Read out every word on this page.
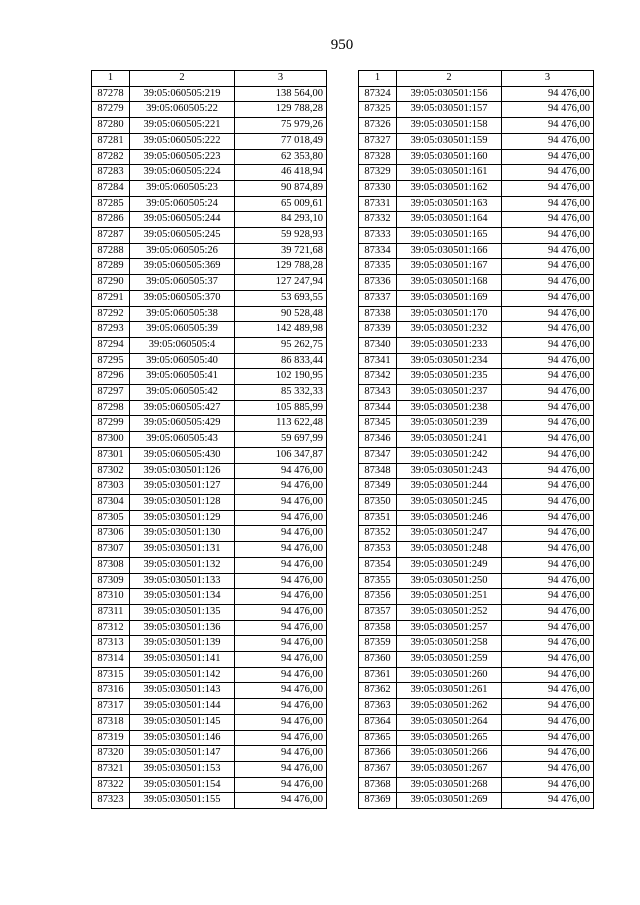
950
1	2	3
87278	39:05:060505:219	138 564,00
87279	39:05:060505:22	129 788,28
87280	39:05:060505:221	75 979,26
87281	39:05:060505:222	77 018,49
87282	39:05:060505:223	62 353,80
87283	39:05:060505:224	46 418,94
87284	39:05:060505:23	90 874,89
87285	39:05:060505:24	65 009,61
87286	39:05:060505:244	84 293,10
87287	39:05:060505:245	59 928,93
87288	39:05:060505:26	39 721,68
87289	39:05:060505:369	129 788,28
87290	39:05:060505:37	127 247,94
87291	39:05:060505:370	53 693,55
87292	39:05:060505:38	90 528,48
87293	39:05:060505:39	142 489,98
87294	39:05:060505:4	95 262,75
87295	39:05:060505:40	86 833,44
87296	39:05:060505:41	102 190,95
87297	39:05:060505:42	85 332,33
87298	39:05:060505:427	105 885,99
87299	39:05:060505:429	113 622,48
87300	39:05:060505:43	59 697,99
87301	39:05:060505:430	106 347,87
87302	39:05:030501:126	94 476,00
87303	39:05:030501:127	94 476,00
87304	39:05:030501:128	94 476,00
87305	39:05:030501:129	94 476,00
87306	39:05:030501:130	94 476,00
87307	39:05:030501:131	94 476,00
87308	39:05:030501:132	94 476,00
87309	39:05:030501:133	94 476,00
87310	39:05:030501:134	94 476,00
87311	39:05:030501:135	94 476,00
87312	39:05:030501:136	94 476,00
87313	39:05:030501:139	94 476,00
87314	39:05:030501:141	94 476,00
87315	39:05:030501:142	94 476,00
87316	39:05:030501:143	94 476,00
87317	39:05:030501:144	94 476,00
87318	39:05:030501:145	94 476,00
87319	39:05:030501:146	94 476,00
87320	39:05:030501:147	94 476,00
87321	39:05:030501:153	94 476,00
87322	39:05:030501:154	94 476,00
87323	39:05:030501:155	94 476,00
1	2	3
87324	39:05:030501:156	94 476,00
87325	39:05:030501:157	94 476,00
87326	39:05:030501:158	94 476,00
87327	39:05:030501:159	94 476,00
87328	39:05:030501:160	94 476,00
87329	39:05:030501:161	94 476,00
87330	39:05:030501:162	94 476,00
87331	39:05:030501:163	94 476,00
87332	39:05:030501:164	94 476,00
87333	39:05:030501:165	94 476,00
87334	39:05:030501:166	94 476,00
87335	39:05:030501:167	94 476,00
87336	39:05:030501:168	94 476,00
87337	39:05:030501:169	94 476,00
87338	39:05:030501:170	94 476,00
87339	39:05:030501:232	94 476,00
87340	39:05:030501:233	94 476,00
87341	39:05:030501:234	94 476,00
87342	39:05:030501:235	94 476,00
87343	39:05:030501:237	94 476,00
87344	39:05:030501:238	94 476,00
87345	39:05:030501:239	94 476,00
87346	39:05:030501:241	94 476,00
87347	39:05:030501:242	94 476,00
87348	39:05:030501:243	94 476,00
87349	39:05:030501:244	94 476,00
87350	39:05:030501:245	94 476,00
87351	39:05:030501:246	94 476,00
87352	39:05:030501:247	94 476,00
87353	39:05:030501:248	94 476,00
87354	39:05:030501:249	94 476,00
87355	39:05:030501:250	94 476,00
87356	39:05:030501:251	94 476,00
87357	39:05:030501:252	94 476,00
87358	39:05:030501:257	94 476,00
87359	39:05:030501:258	94 476,00
87360	39:05:030501:259	94 476,00
87361	39:05:030501:260	94 476,00
87362	39:05:030501:261	94 476,00
87363	39:05:030501:262	94 476,00
87364	39:05:030501:264	94 476,00
87365	39:05:030501:265	94 476,00
87366	39:05:030501:266	94 476,00
87367	39:05:030501:267	94 476,00
87368	39:05:030501:268	94 476,00
87369	39:05:030501:269	94 476,00
